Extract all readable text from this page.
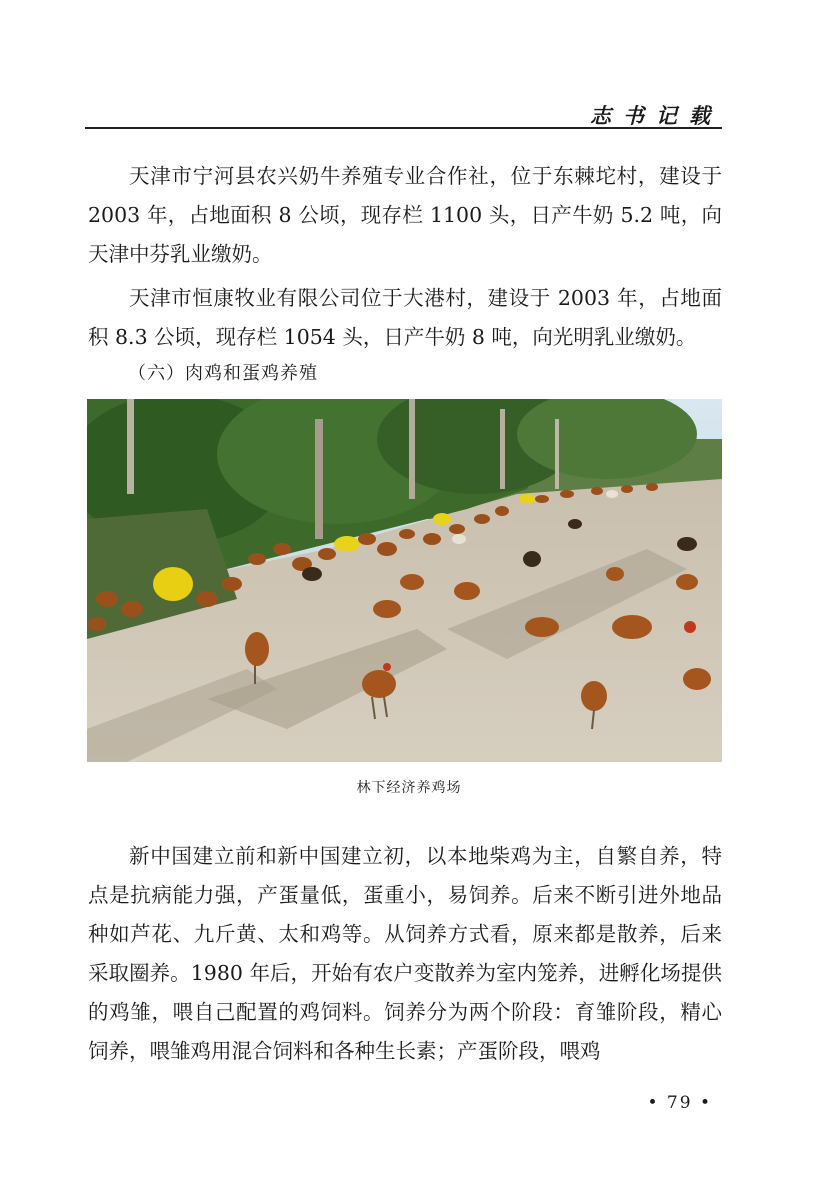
志书记载

天津市宁河县农兴奶牛养殖专业合作社，位于东棘坨村，建设于 2003 年，占地面积 8 公顷，现存栏 1100 头，日产牛奶 5.2 吨，向天津中芬乳业缴奶。

天津市恒康牧业有限公司位于大港村，建设于 2003 年，占地面积 8.3 公顷，现存栏 1054 头，日产牛奶 8 吨，向光明乳业缴奶。

（六）肉鸡和蛋鸡养殖
林下经济养鸡场

新中国建立前和新中国建立初，以本地柴鸡为主，自繁自养，特点是抗病能力强，产蛋量低，蛋重小，易饲养。后来不断引进外地品种如芦花、九斤黄、太和鸡等。从饲养方式看，原来都是散养，后来采取圈养。1980 年后，开始有农户变散养为室内笼养，进孵化场提供的鸡雏，喂自己配置的鸡饲料。饲养分为两个阶段：育雏阶段，精心饲养，喂雏鸡用混合饲料和各种生长素；产蛋阶段，喂鸡

• 79 •
